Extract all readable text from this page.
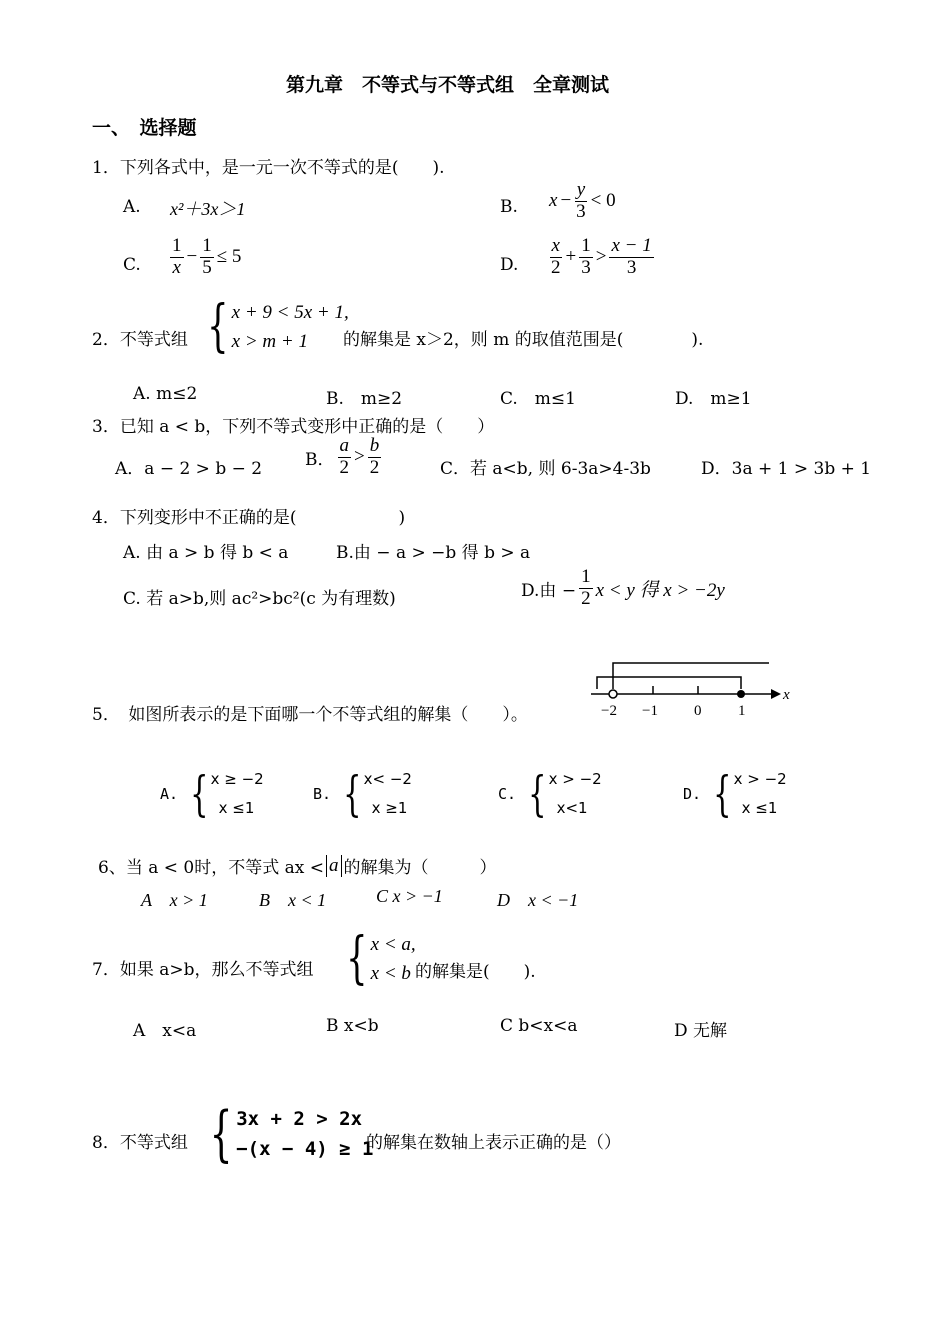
第九章　不等式与不等式组　全章测试
一、　选择题
1．下列各式中，是一元一次不等式的是(　　).
A. x²＋3x＞1	B. $x - \frac{y}{3} < 0$
C. $\frac{1}{x} - \frac{1}{5} \le 5$	D. $\frac{x}{2} + \frac{1}{3} > \frac{x - 1}{3}$
2．不等式组 { x + 9 < 5x + 1,
x > m + 1	的解集是 x＞2，则 m 的取值范围是(　　　　).
A. m≤2	B.　m≥2	C.　m≤1	D.　m≥1
3．已知 a < b，下列不等式变形中正确的是（　　）
A．a − 2 > b − 2	B． $\frac{a}{2} > \frac{b}{2}$	C．若 a<b, 则 6-3a>4-3b	D．3a + 1 > 3b + 1
4．下列变形中不正确的是(　　　　　　)
A. 由 a > b 得 b < a	B.由 − a > −b 得 b > a
C. 若 a>b,则 ac²>bc²(c 为有理数)	D.由 − $\frac{1}{2}$ x < y 得 x > −2y
5．　如图所表示的是下面哪一个不等式组的解集（　　）。	−2 −1 0 1
x
A. { x ≥ −2
x ≤1
B. { x< −2
x ≥1
C. { x > −2
x<1
D. { x > −2
x ≤1
6、当 a < 0时，不等式 ax < a 的解集为（　　　）
A　x > 1	B　x < 1	C x > −1	D　x < −1
7．如果 a>b，那么不等式组 { x < a,
x < b 的解集是(　　).
A　x<a	B x<b	C b<x<a	D 无解
8．不等式组 { 3x + 2 > 2x
−(x − 4) ≥ 1
的解集在数轴上表示正确的是（）
